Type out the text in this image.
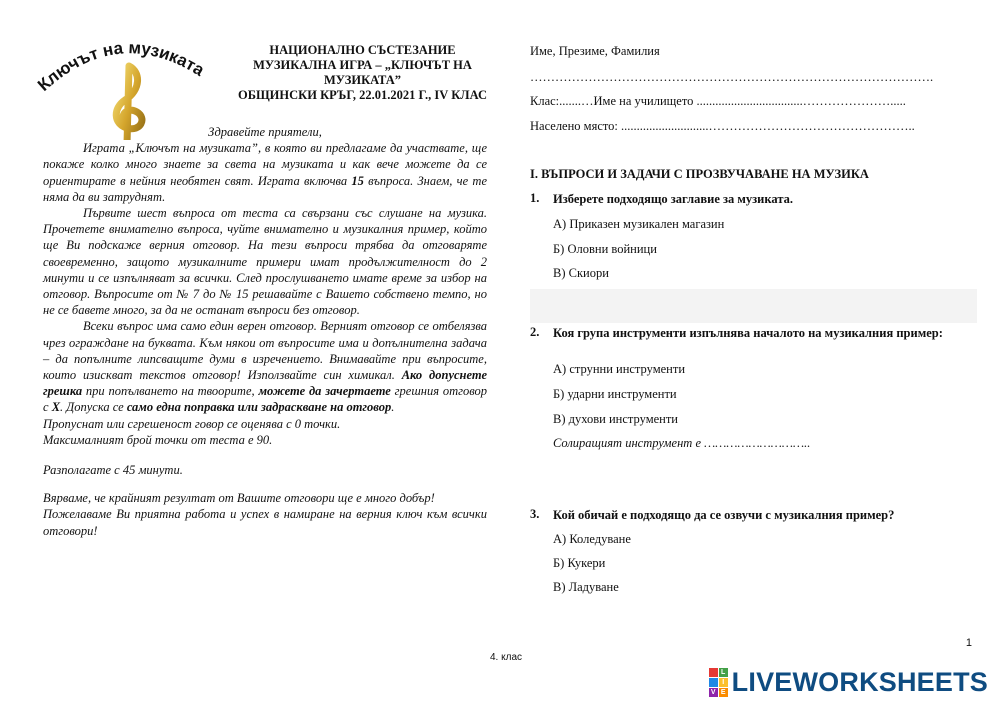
Ключът на музиката
НАЦИОНАЛНО СЪСТЕЗАНИЕ
МУЗИКАЛНА ИГРА – „КЛЮЧЪТ НА
МУЗИКАТА”
ОБЩИНСКИ КРЪГ, 22.01.2021 Г., IV КЛАС

Здравейте приятели,

Играта „Ключът на музиката”, в която ви предлагаме да участвате, ще покаже колко много знаете за света на музиката и как вече можете да се ориентирате в нейния необятен свят. Играта включва 15 въпроса. Знаем, че те няма да ви затруднят.

Първите шест въпроса от теста са свързани със слушане на музика. Прочетете внимателно въпроса, чуйте внимателно и музикалния пример, който ще Ви подскаже верния отговор. На тези въпроси трябва да отговаряте своевременно, защото музикалните примери имат продължителност до 2 минути и се изпълняват за всички. След прослушването имате време за избор на отговор. Въпросите от № 7 до № 15 решавайте с Вашето собствено темпо, но не се бавете много, за да не останат въпроси без отговор.

Всеки въпрос има само един верен отговор. Верният отговор се отбелязва чрез ограждане на буквата. Към някои от въпросите има и допълнителна задача – да попълните липсващите думи в изречението. Внимавайте при въпросите, които изискват текстов отговор! Използвайте син химикал. Ако допуснете грешка при попълването на твоорите, можете да зачертаете грешния отговор с X. Допуска се само една поправка или задраскване на отговор.

Пропуснат или сгрешеност говор се оценява с 0 точки.

Максималният брой точки от теста е 90.

Разполагате с 45 минути.

Вярваме, че крайният резултат от Вашите отговори ще е много добър!

Пожелаваме Ви приятна работа и успех в намиране на верния ключ към всички отговори!

Име, Презиме, Фамилия
…………………………………………………………………………………….
Клас:.......…Име на училището ..................................………………….....
Населено място: ............................…………………………………………..
I. ВЪПРОСИ И ЗАДАЧИ С ПРОЗВУЧАВАНЕ НА МУЗИКА
1. Изберете подходящо заглавие за музиката.
А) Приказен музикален магазин
Б) Оловни войници
В) Скиори
2. Коя група инструменти изпълнява началото на музикалния пример:
А) струнни инструменти
Б) ударни инструменти
В) духови инструменти
Солиращият инструмент е ………………………..
3. Кой обичай е подходящо да се озвучи с музикалния пример?
А) Коледуване
Б) Кукери
В) Ладуване
1
4. клас
L
I
V E LIVEWORKSHEETS
